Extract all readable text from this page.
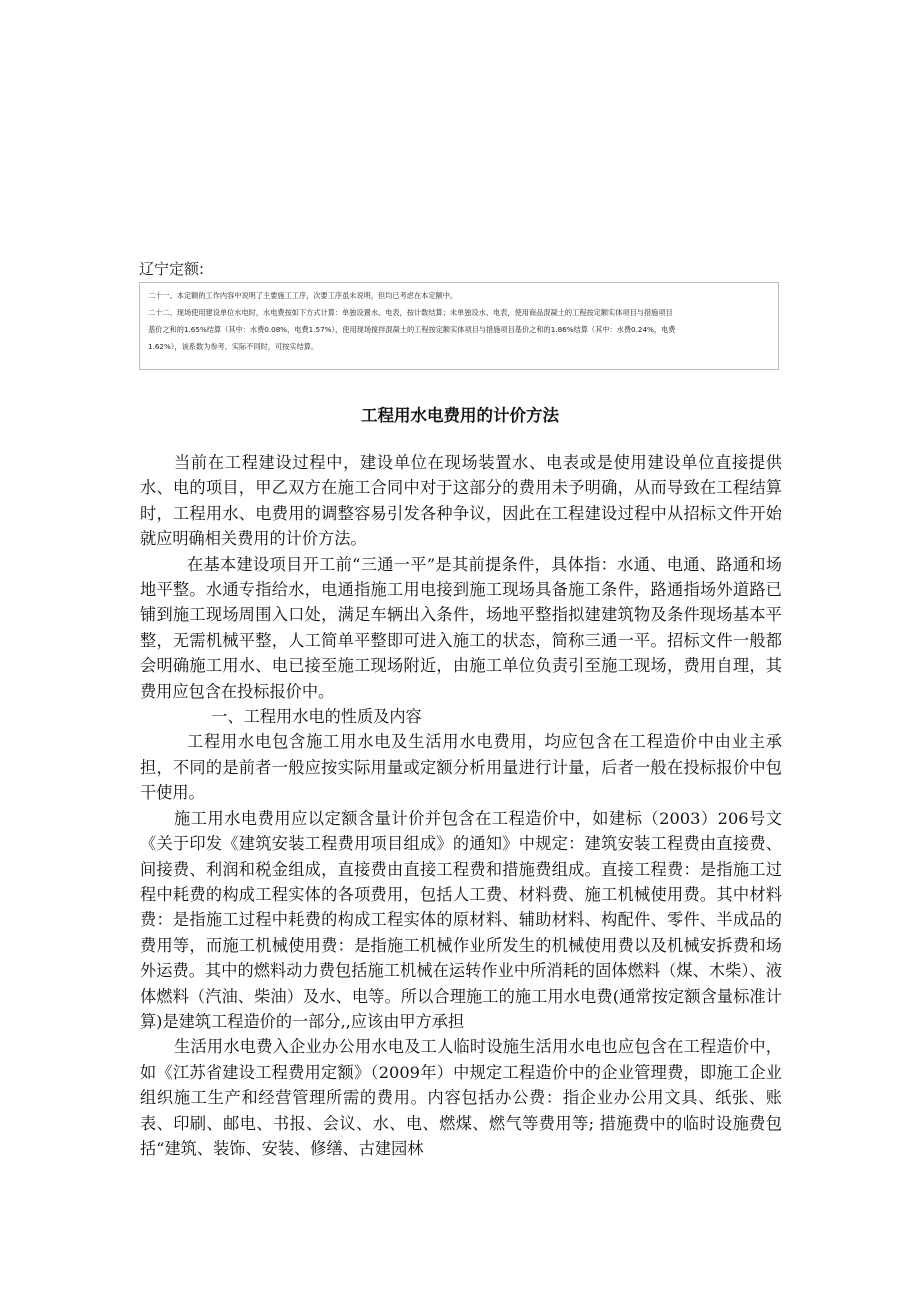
辽宁定额:
二十一、本定额的工作内容中说明了主要施工工序，次要工序虽未说明，但均已考虑在本定额中。
二十二、现场使用建设单位水电时，水电费按如下方式计算：单独设置水、电表，按计数结算；未单独设水、电表，使用商品混凝土的工程按定额实体项目与措施项目
基价之和的1.65%结算（其中：水费0.08%，电费1.57%），使用现场搅拌混凝土的工程按定额实体项目与措施项目基价之和的1.86%结算（其中：水费0.24%，电费
1.62%），该系数为参考，实际不同时，可按实结算。
工程用水电费用的计价方法

当前在工程建设过程中，建设单位在现场装置水、电表或是使用建设单位直接提供水、电的项目，甲乙双方在施工合同中对于这部分的费用未予明确，从而导致在工程结算时，工程用水、电费用的调整容易引发各种争议，因此在工程建设过程中从招标文件开始就应明确相关费用的计价方法。

在基本建设项目开工前“三通一平”是其前提条件，具体指：水通、电通、路通和场地平整。水通专指给水，电通指施工用电接到施工现场具备施工条件，路通指场外道路已铺到施工现场周围入口处，满足车辆出入条件，场地平整指拟建建筑物及条件现场基本平整，无需机械平整，人工简单平整即可进入施工的状态，简称三通一平。招标文件一般都会明确施工用水、电已接至施工现场附近，由施工单位负责引至施工现场，费用自理，其费用应包含在投标报价中。

一、工程用水电的性质及内容

工程用水电包含施工用水电及生活用水电费用，均应包含在工程造价中由业主承担，不同的是前者一般应按实际用量或定额分析用量进行计量，后者一般在投标报价中包干使用。

施工用水电费用应以定额含量计价并包含在工程造价中，如建标（2003）206号文《关于印发《建筑安装工程费用项目组成》的通知》中规定：建筑安装工程费由直接费、间接费、利润和税金组成，直接费由直接工程费和措施费组成。直接工程费：是指施工过程中耗费的构成工程实体的各项费用，包括人工费、材料费、施工机械使用费。其中材料费：是指施工过程中耗费的构成工程实体的原材料、辅助材料、构配件、零件、半成品的费用等，而施工机械使用费：是指施工机械作业所发生的机械使用费以及机械安拆费和场外运费。其中的燃料动力费包括施工机械在运转作业中所消耗的固体燃料（煤、木柴）、液体燃料（汽油、柴油）及水、电等。所以合理施工的施工用水电费(通常按定额含量标准计算)是建筑工程造价的一部分,,应该由甲方承担

生活用水电费入企业办公用水电及工人临时设施生活用水电也应包含在工程造价中，如《江苏省建设工程费用定额》（2009年）中规定工程造价中的企业管理费，即施工企业组织施工生产和经营管理所需的费用。内容包括办公费：指企业办公用文具、纸张、账表、印刷、邮电、书报、会议、水、电、燃煤、燃气等费用等; 措施费中的临时设施费包括“建筑、装饰、安装、修缮、古建园林
